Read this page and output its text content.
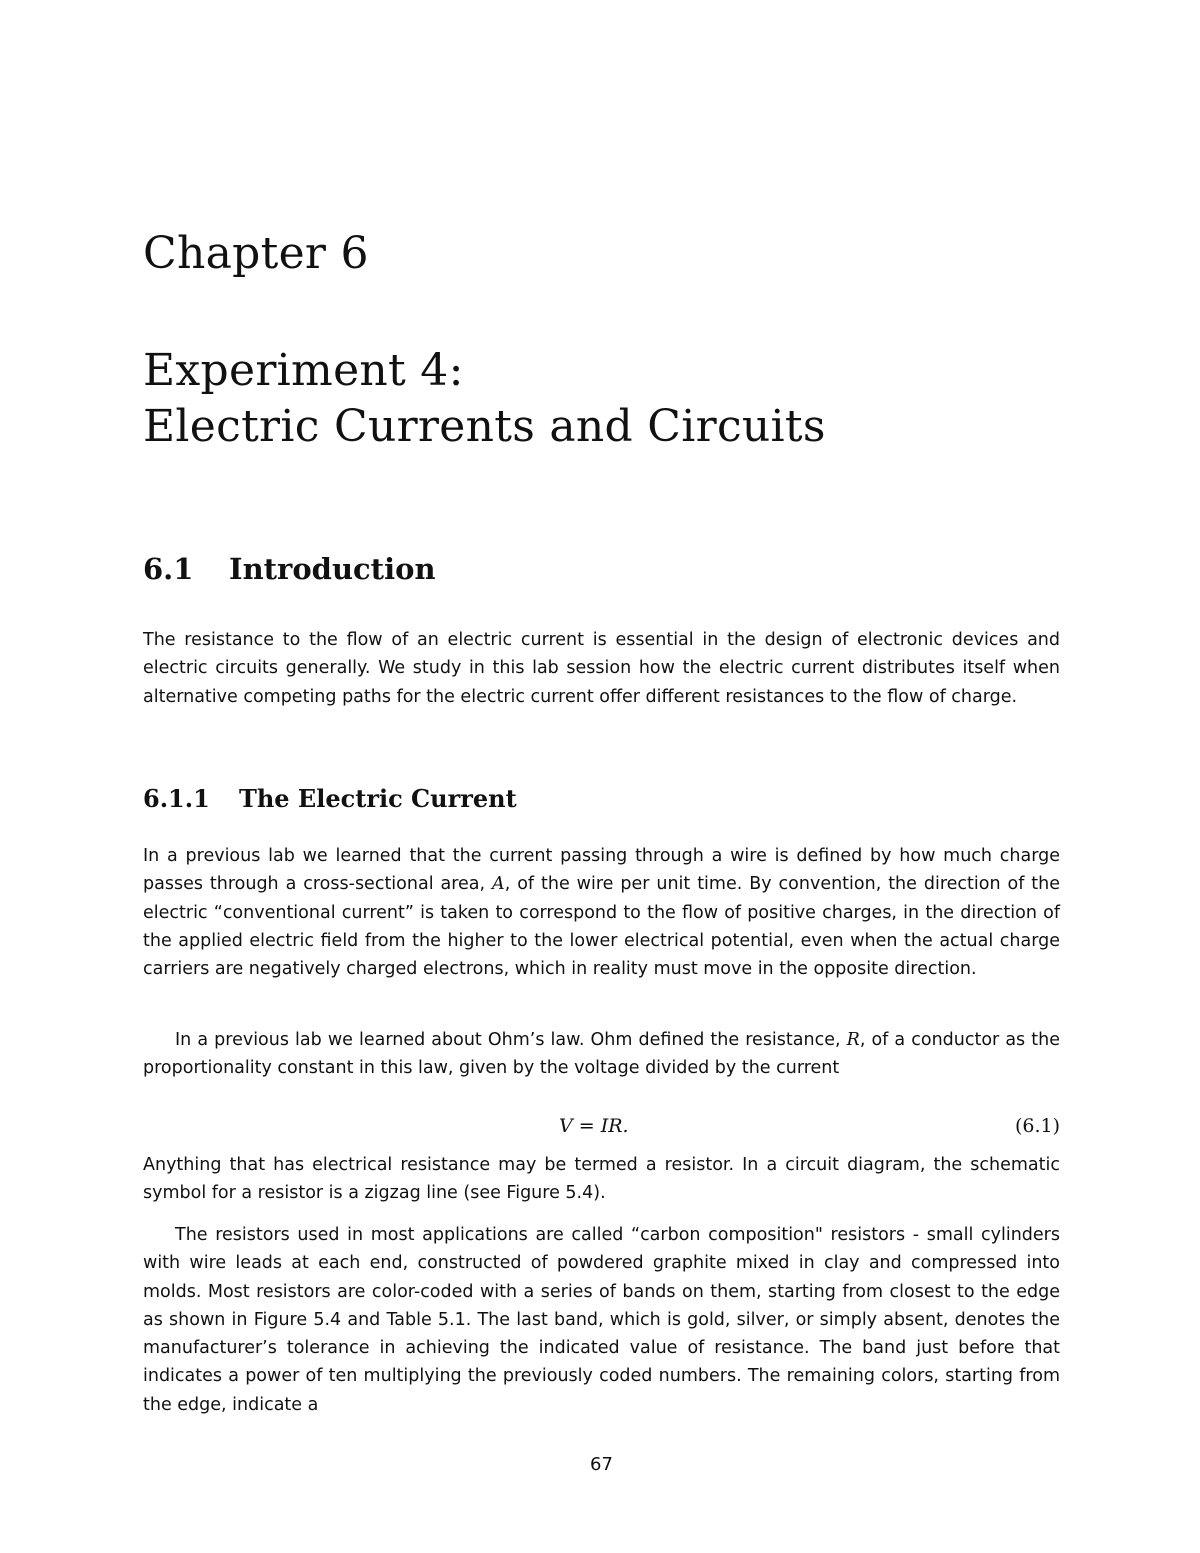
Chapter 6
Experiment 4:
Electric Currents and Circuits
6.1 Introduction

The resistance to the flow of an electric current is essential in the design of electronic devices and electric circuits generally. We study in this lab session how the electric current distributes itself when alternative competing paths for the electric current offer different resistances to the flow of charge.

6.1.1 The Electric Current

In a previous lab we learned that the current passing through a wire is defined by how much charge passes through a cross-sectional area, A, of the wire per unit time. By convention, the direction of the electric “conventional current” is taken to correspond to the flow of positive charges, in the direction of the applied electric field from the higher to the lower electrical potential, even when the actual charge carriers are negatively charged electrons, which in reality must move in the opposite direction.

In a previous lab we learned about Ohm’s law. Ohm defined the resistance, R, of a conductor as the proportionality constant in this law, given by the voltage divided by the current

V = IR.	(6.1)

Anything that has electrical resistance may be termed a resistor. In a circuit diagram, the schematic symbol for a resistor is a zigzag line (see Figure 5.4).

The resistors used in most applications are called “carbon composition" resistors - small cylinders with wire leads at each end, constructed of powdered graphite mixed in clay and compressed into molds. Most resistors are color-coded with a series of bands on them, starting from closest to the edge as shown in Figure 5.4 and Table 5.1. The last band, which is gold, silver, or simply absent, denotes the manufacturer’s tolerance in achieving the indicated value of resistance. The band just before that indicates a power of ten multiplying the previously coded numbers. The remaining colors, starting from the edge, indicate a

67
